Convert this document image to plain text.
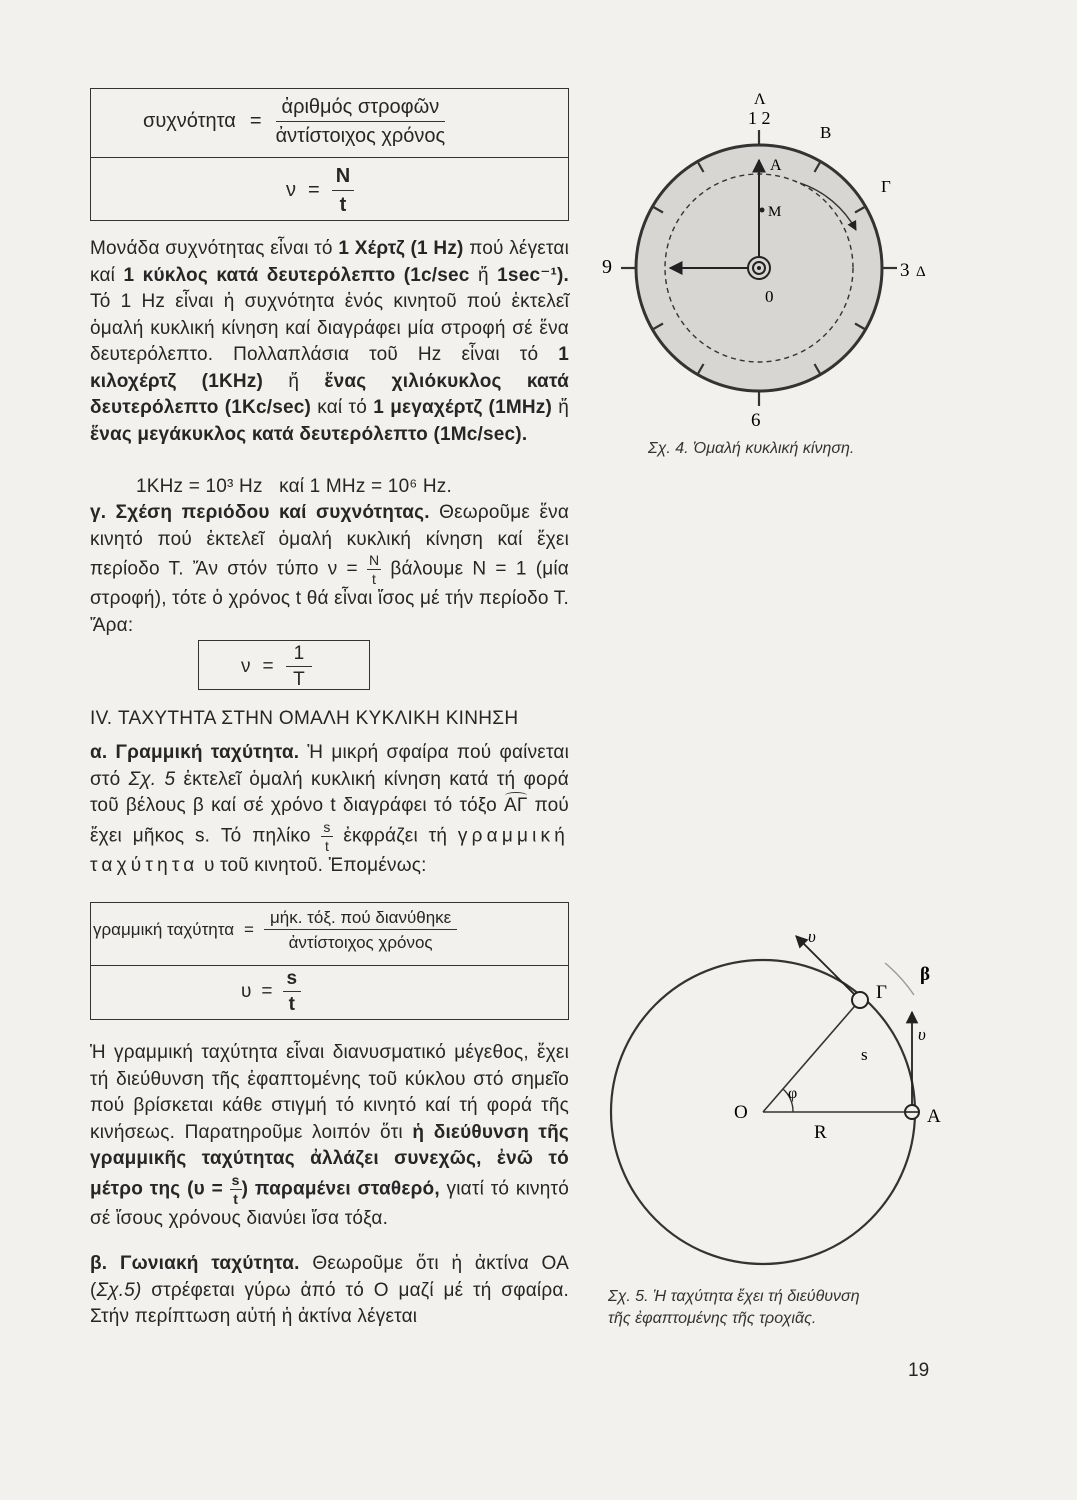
$\sigma\upsilon\chi\nu ό\tau\eta\tau\alpha = \frac{\text{ἀριθμός στροφῶν}}{\text{ἀντίστοιχος χρόνος}}$
$\nu = \frac{N}{t}$
Μονάδα συχνότητας εἶναι τό 1 Χέρτζ (1 Hz) πού λέγεται καί 1 κύκλος κατά δευτερόλεπτο (1c/sec ἤ 1sec⁻¹). Τό 1 Hz εἶναι ἡ συχνότητα ἑνός κινητοῦ πού ἐκτελεῖ ὁμαλή κυκλική κίνηση καί διαγράφει μία στροφή σέ ἕνα δευτερόλεπτο. Πολλαπλάσια τοῦ Hz εἶναι τό 1 κιλοχέρτζ (1KHz) ἤ ἕνας χιλιόκυκλος κατά δευτερόλεπτο (1Kc/sec) καί τό 1 μεγαχέρτζ (1MHz) ἤ ἕνας μεγάκυκλος κατά δευτερόλεπτο (1Mc/sec).
1KHz = 10³ Hz   καί 1 MHz = 10⁶ Hz.
γ. Σχέση περιόδου καί συχνότητας. Θεωροῦμε ἕνα κινητό πού ἐκτελεῖ ὁμαλή κυκλική κίνηση καί ἔχει περίοδο Τ. Ἄν στόν τύπο $\nu = \frac{N}{t}$ βάλουμε Ν = 1 (μία στροφή), τότε ὁ χρόνος t θά εἶναι ἴσος μέ τήν περίοδο Τ. Ἄρα:
$\nu = \frac{1}{T}$
IV. ΤΑΧΥΤΗΤΑ ΣΤΗΝ ΟΜΑΛΗ ΚΥΚΛΙΚΗ ΚΙΝΗΣΗ
α. Γραμμική ταχύτητα. Ἡ μικρή σφαίρα πού φαίνεται στό Σχ. 5 ἐκτελεῖ ὁμαλή κυκλική κίνηση κατά τή φορά τοῦ βέλους β καί σέ χρόνο t διαγράφει τό τόξο
ΑΓ πού ἔχει μῆκος s. Τό πηλίκο $\frac{s}{t}$ ἐκφράζει τή γραμμική ταχύτητα υ τοῦ κινητοῦ. Ἐπομένως:
γραμμική $\tau\alpha\chi ύ\tau\eta\tau\alpha = \frac{\text{μήκ. τόξ. πού διανύθηκε}}{\text{ἀντίστοιχος χρόνος}}$
$\upsilon = \frac{s}{t}$
Ἡ γραμμική ταχύτητα εἶναι διανυσματικό μέγεθος, ἔχει τή διεύθυνση τῆς ἐφαπτομένης τοῦ κύκλου στό σημεῖο πού βρίσκεται κάθε στιγμή τό κινητό καί τή φορά τῆς κινήσεως. Παρατηροῦμε λοιπόν ὅτι ἡ διεύθυνση τῆς γραμμικῆς ταχύτητας ἀλλάζει συνεχῶς, ἐνῶ τό μέτρο της ($\upsilon = \frac{s}{t}$ ) παραμένει σταθερό, γιατί τό κινητό σέ ἴσους χρόνους διανύει ἴσα τόξα.
β. Γωνιακή ταχύτητα. Θεωροῦμε ὅτι ἡ ἀκτίνα ΟΑ (Σχ.5) στρέφεται γύρω ἀπό τό Ο μαζί μέ τή σφαίρα. Στήν περίπτωση αὐτή ἡ ἀκτίνα λέγεται
Λ
1 2
Β
Α
Γ
Μ
9	3 Δ
0
6
Σχ. 4. Ὁμαλή κυκλική κίνηση.
υ
β
Γ
υ
s
φ
Ο	Α
R
Σχ. 5. Ἡ ταχύτητα ἔχει τή διεύθυνση
τῆς ἐφαπτομένης τῆς τροχιᾶς.
19
